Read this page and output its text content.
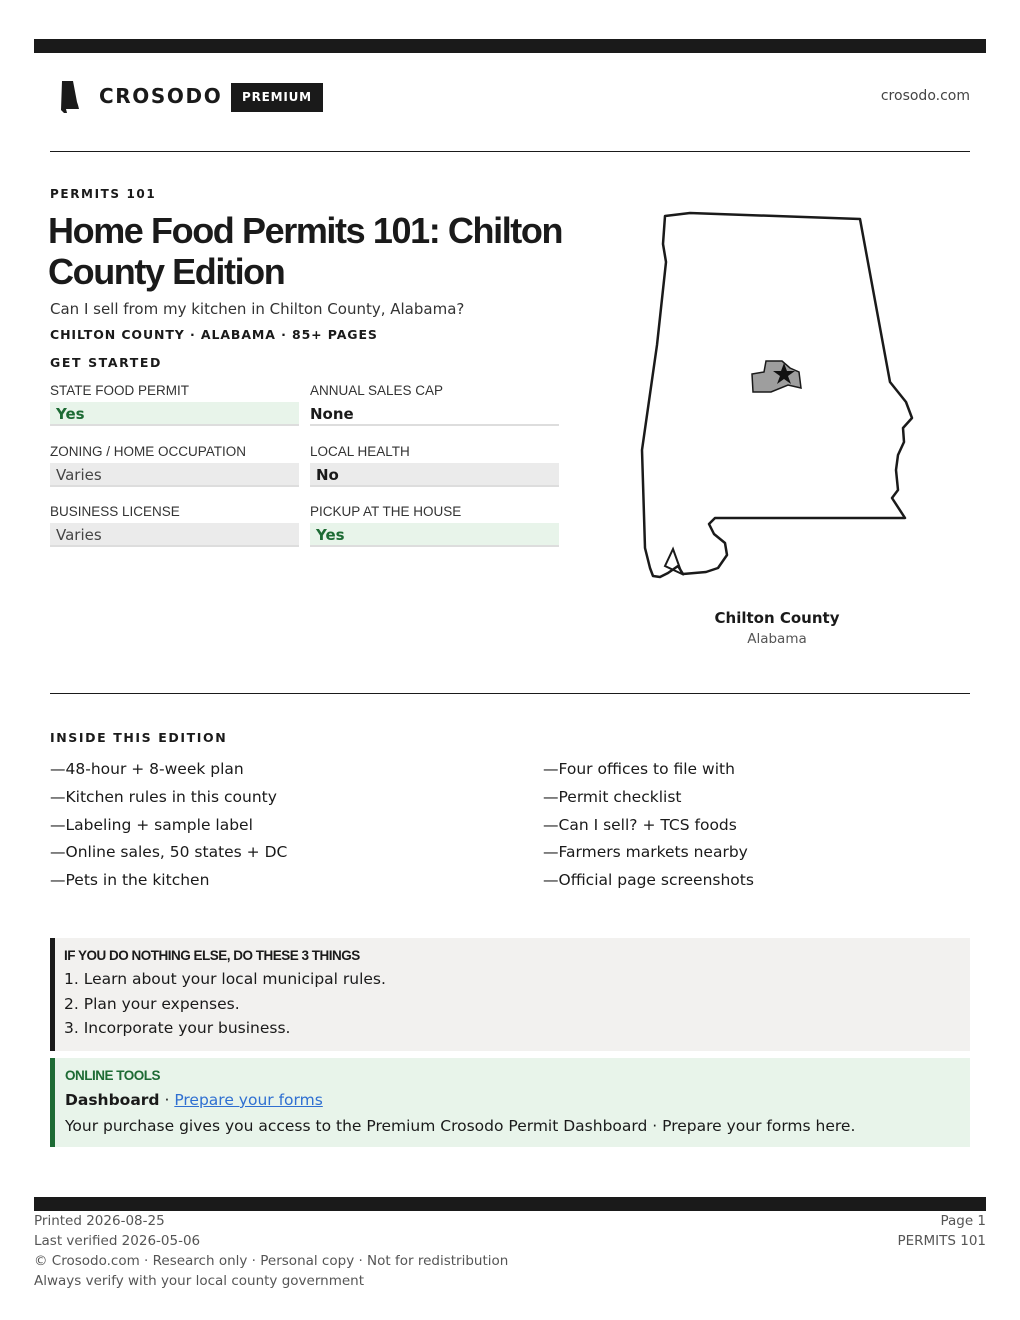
CROSODO	PREMIUM	crosodo.com
PERMITS 101
Home Food Permits 101: Chilton County Edition
Can I sell from my kitchen in Chilton County, Alabama?
CHILTON COUNTY · ALABAMA · 85+ PAGES
GET STARTED
STATE FOOD PERMIT
Yes
ANNUAL SALES CAP
None
ZONING / HOME OCCUPATION
Varies
LOCAL HEALTH
No
BUSINESS LICENSE
Varies
PICKUP AT THE HOUSE
Yes
Chilton County
Alabama
INSIDE THIS EDITION
—48-hour + 8-week plan
—Kitchen rules in this county
—Labeling + sample label
—Online sales, 50 states + DC
—Pets in the kitchen
—Four offices to file with
—Permit checklist
—Can I sell? + TCS foods
—Farmers markets nearby
—Official page screenshots
IF YOU DO NOTHING ELSE, DO THESE 3 THINGS
1. Learn about your local municipal rules.
2. Plan your expenses.
3. Incorporate your business.
ONLINE TOOLS
Dashboard · Prepare your forms
Your purchase gives you access to the Premium Crosodo Permit Dashboard · Prepare your forms here.
Printed 2026-08-25
Last verified 2026-05-06
© Crosodo.com · Research only · Personal copy · Not for redistribution
Always verify with your local county government
Page 1
PERMITS 101
